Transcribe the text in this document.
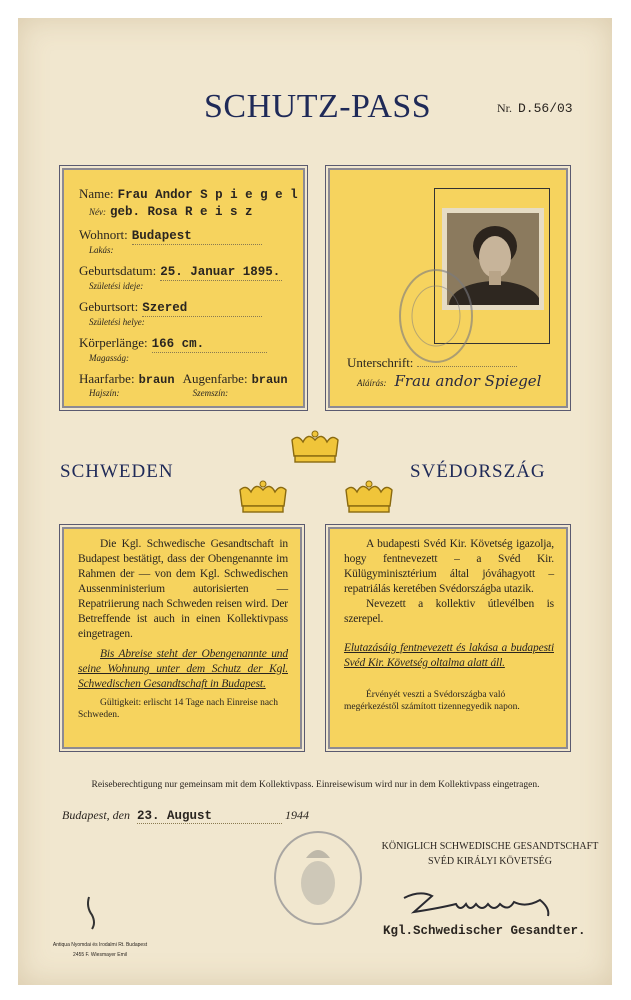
SCHUTZ-PASS	Nr. D.56/03
Name: Frau Andor S p i e g e l
Név: geb. Rosa R e i s z
Wohnort: Budapest
Lakás:
Geburtsdatum: 25. Januar 1895.
Születési ideje:
Geburtsort: Szered
Születési helye:
Körperlänge: 166 cm.
Magasság:
Haarfarbe: braun
Hajszín:
Augenfarbe: braun
Szemszín:
Unterschrift:
Aláírás: Frau andor Spiegel
SCHWEDEN	SVÉDORSZÁG

Die Kgl. Schwedische Gesandtschaft in Budapest bestätigt, dass der Obengenannte im Rahmen der — von dem Kgl. Schwedischen Aussenministerium autorisierten — Repatriierung nach Schweden reisen wird. Der Betreffende ist auch in einen Kollektivpass eingetragen.

Bis Abreise steht der Obengenannte und seine Wohnung unter dem Schutz der Kgl. Schwedischen Gesandtschaft in Budapest.

Gültigkeit: erlischt 14 Tage nach Einreise nach Schweden.

A budapesti Svéd Kir. Követség igazolja, hogy fentnevezett – a Svéd Kir. Külügyminisztérium által jóváhagyott – repatriálás keretében Svédországba utazik.

Nevezett a kollektiv útlevélben is szerepel.

Elutazásáig fentnevezett és lakása a budapesti Svéd Kir. Követség oltalma alatt áll.

Érvényét veszti a Svédországba való megérkezéstől számított tizennegyedik napon.
Reiseberechtigung nur gemeinsam mit dem Kollektivpass. Einreisewisum wird nur in dem Kollektivpass eingetragen.
Budapest, den 23. August	1944
KÖNIGLICH SCHWEDISCHE GESANDTSCHAFT
SVÉD KIRÁLYI KÖVETSÉG
Kgl.Schwedischer Gesandter.
Antiqua Nyomdai és Irodalmi Rt. Budapest
2455 F. Wiesmayer Emil
